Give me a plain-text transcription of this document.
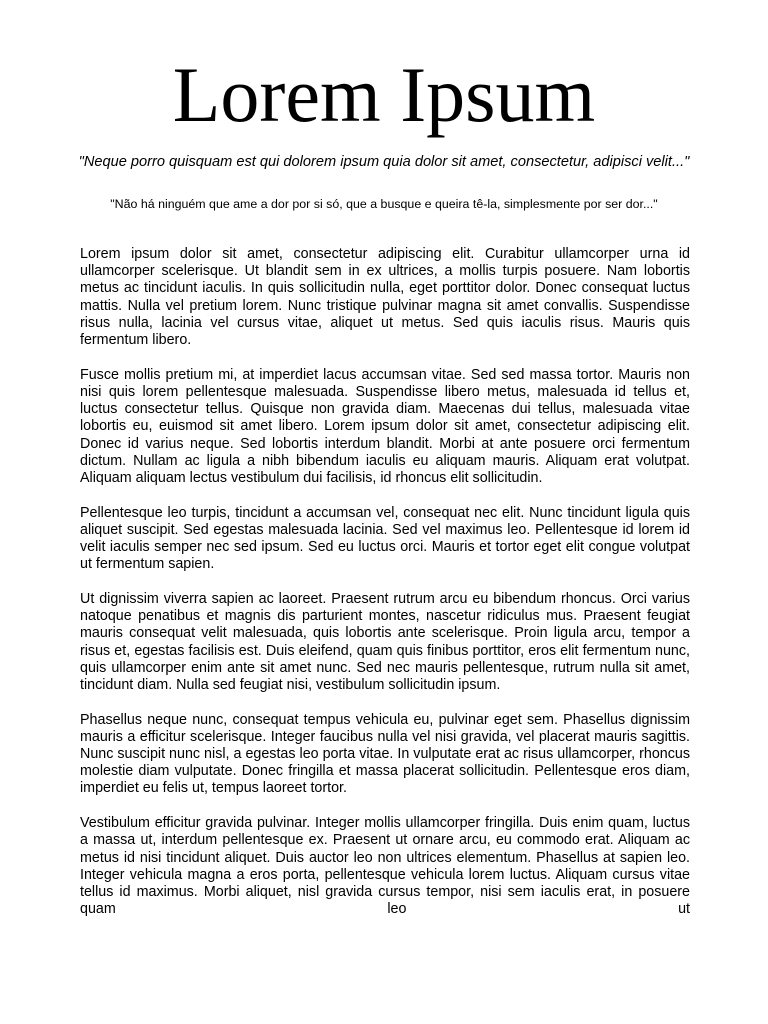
Lorem Ipsum

"Neque porro quisquam est qui dolorem ipsum quia dolor sit amet, consectetur, adipisci velit..."

"Não há ninguém que ame a dor por si só, que a busque e queira tê-la, simplesmente por ser dor..."

Lorem ipsum dolor sit amet, consectetur adipiscing elit. Curabitur ullamcorper urna id ullamcorper scelerisque. Ut blandit sem in ex ultrices, a mollis turpis posuere. Nam lobortis metus ac tincidunt iaculis. In quis sollicitudin nulla, eget porttitor dolor. Donec consequat luctus mattis. Nulla vel pretium lorem. Nunc tristique pulvinar magna sit amet convallis. Suspendisse risus nulla, lacinia vel cursus vitae, aliquet ut metus. Sed quis iaculis risus. Mauris quis fermentum libero.

Fusce mollis pretium mi, at imperdiet lacus accumsan vitae. Sed sed massa tortor. Mauris non nisi quis lorem pellentesque malesuada. Suspendisse libero metus, malesuada id tellus et, luctus consectetur tellus. Quisque non gravida diam. Maecenas dui tellus, malesuada vitae lobortis eu, euismod sit amet libero. Lorem ipsum dolor sit amet, consectetur adipiscing elit. Donec id varius neque. Sed lobortis interdum blandit. Morbi at ante posuere orci fermentum dictum. Nullam ac ligula a nibh bibendum iaculis eu aliquam mauris. Aliquam erat volutpat. Aliquam aliquam lectus vestibulum dui facilisis, id rhoncus elit sollicitudin.

Pellentesque leo turpis, tincidunt a accumsan vel, consequat nec elit. Nunc tincidunt ligula quis aliquet suscipit. Sed egestas malesuada lacinia. Sed vel maximus leo. Pellentesque id lorem id velit iaculis semper nec sed ipsum. Sed eu luctus orci. Mauris et tortor eget elit congue volutpat ut fermentum sapien.

Ut dignissim viverra sapien ac laoreet. Praesent rutrum arcu eu bibendum rhoncus. Orci varius natoque penatibus et magnis dis parturient montes, nascetur ridiculus mus. Praesent feugiat mauris consequat velit malesuada, quis lobortis ante scelerisque. Proin ligula arcu, tempor a risus et, egestas facilisis est. Duis eleifend, quam quis finibus porttitor, eros elit fermentum nunc, quis ullamcorper enim ante sit amet nunc. Sed nec mauris pellentesque, rutrum nulla sit amet, tincidunt diam. Nulla sed feugiat nisi, vestibulum sollicitudin ipsum.

Phasellus neque nunc, consequat tempus vehicula eu, pulvinar eget sem. Phasellus dignissim mauris a efficitur scelerisque. Integer faucibus nulla vel nisi gravida, vel placerat mauris sagittis. Nunc suscipit nunc nisl, a egestas leo porta vitae. In vulputate erat ac risus ullamcorper, rhoncus molestie diam vulputate. Donec fringilla et massa placerat sollicitudin. Pellentesque eros diam, imperdiet eu felis ut, tempus laoreet tortor.

Vestibulum efficitur gravida pulvinar. Integer mollis ullamcorper fringilla. Duis enim quam, luctus a massa ut, interdum pellentesque ex. Praesent ut ornare arcu, eu commodo erat. Aliquam ac metus id nisi tincidunt aliquet. Duis auctor leo non ultrices elementum. Phasellus at sapien leo. Integer vehicula magna a eros porta, pellentesque vehicula lorem luctus. Aliquam cursus vitae tellus id maximus. Morbi aliquet, nisl gravida cursus tempor, nisi sem iaculis erat, in posuere quam leo ut
